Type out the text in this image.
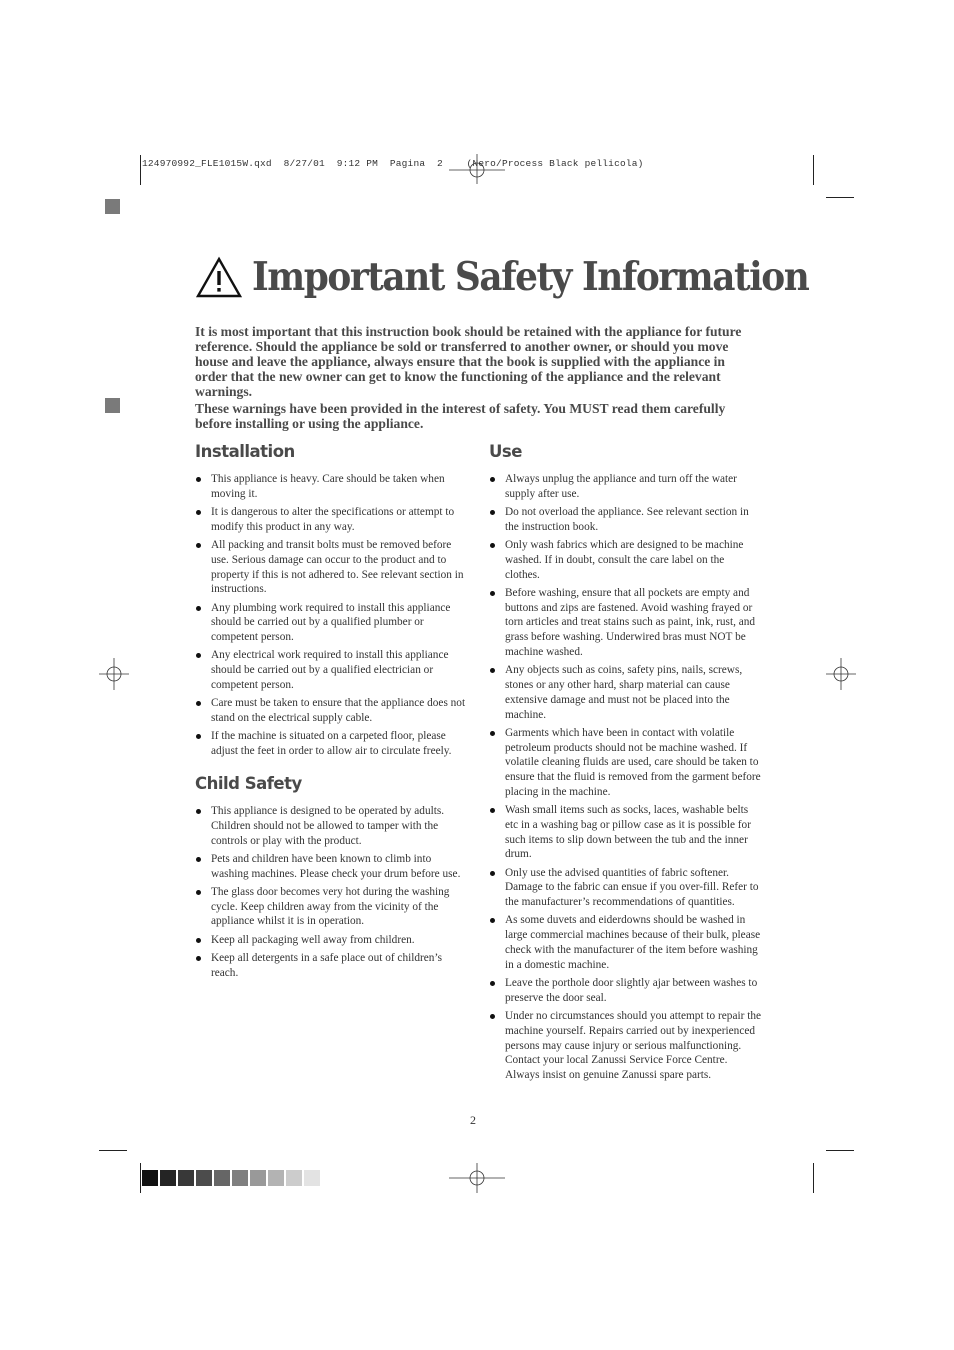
124970992_FLE1015W.qxd  8/27/01  9:12 PM  Pagina  2    (Nero/Process Black pellicola)
Important Safety Information

It is most important that this instruction book should be retained with the appliance for future reference. Should the appliance be sold or transferred to another owner, or should you move house and leave the appliance, always ensure that the book is supplied with the appliance in order that the new owner can get to know the functioning of the appliance and the relevant warnings.

These warnings have been provided in the interest of safety. You MUST read them carefully before installing or using the appliance.

Installation
This appliance is heavy. Care should be taken when moving it.
It is dangerous to alter the specifications or attempt to modify this product in any way.
All packing and transit bolts must be removed before use. Serious damage can occur to the product and to property if this is not adhered to. See relevant section in instructions.
Any plumbing work required to install this appliance should be carried out by a qualified plumber or competent person.
Any electrical work required to install this appliance should be carried out by a qualified electrician or competent person.
Care must be taken to ensure that the appliance does not stand on the electrical supply cable.
If the machine is situated on a carpeted floor, please adjust the feet in order to allow air to circulate freely.
Child Safety
This appliance is designed to be operated by adults. Children should not be allowed to tamper with the controls or play with the product.
Pets and children have been known to climb into washing machines. Please check your drum before use.
The glass door becomes very hot during the washing cycle. Keep children away from the vicinity of the appliance whilst it is in operation.
Keep all packaging well away from children.
Keep all detergents in a safe place out of children’s reach.
Use
Always unplug the appliance and turn off the water supply after use.
Do not overload the appliance. See relevant section in the instruction book.
Only wash fabrics which are designed to be machine washed. If in doubt, consult the care label on the clothes.
Before washing, ensure that all pockets are empty and buttons and zips are fastened. Avoid washing frayed or torn articles and treat stains such as paint, ink, rust, and grass before washing. Underwired bras must NOT be machine washed.
Any objects such as coins, safety pins, nails, screws, stones or any other hard, sharp material can cause extensive damage and must not be placed into the machine.
Garments which have been in contact with volatile petroleum products should not be machine washed. If volatile cleaning fluids are used, care should be taken to ensure that the fluid is removed from the garment before placing in the machine.
Wash small items such as socks, laces, washable belts etc in a washing bag or pillow case as it is possible for such items to slip down between the tub and the inner drum.
Only use the advised quantities of fabric softener. Damage to the fabric can ensue if you over-fill. Refer to the manufacturer’s recommendations of quantities.
As some duvets and eiderdowns should be washed in large commercial machines because of their bulk, please check with the manufacturer of the item before washing in a domestic machine.
Leave the porthole door slightly ajar between washes to preserve the door seal.
Under no circumstances should you attempt to repair the machine yourself. Repairs carried out by inexperienced persons may cause injury or serious malfunctioning. Contact your local Zanussi Service Force Centre. Always insist on genuine Zanussi spare parts.
2
